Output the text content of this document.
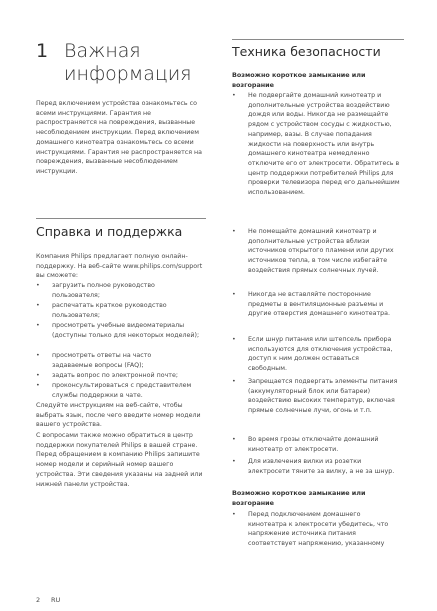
1 Важная
информация
Перед включением устройства ознакомьтесь со всеми инструкциями. Гарантия не распространяется на повреждения, вызванные несоблюдением инструкции. Перед включением домашнего кинотеатра ознакомьтесь со всеми инструкциями. Гарантия не распространяется на повреждения, вызванные несоблюдением инструкции.
Справка и поддержка
Компания Philips предлагает полную онлайн-поддержку. На веб-сайте www.philips.com/support вы сможете:
• загрузить полное руководство пользователя;
• распечатать краткое руководство пользователя;
• просмотреть учебные видеоматериалы (доступны только для некоторых моделей);
• просмотреть ответы на часто задаваемые вопросы (FAQ);
• задать вопрос по электронной почте;
• проконсультироваться с представителем службы поддержки в чате.
Следуйте инструкциям на веб-сайте, чтобы выбрать язык, после чего введите номер модели вашего устройства.
С вопросами также можно обратиться в центр поддержки покупателей Philips в вашей стране. Перед обращением в компанию Philips запишите номер модели и серийный номер вашего устройства. Эти сведения указаны на задней или нижней панели устройства.
Техника безопасности
Возможно короткое замыкание или возгорание
• Не подвергайте домашний кинотеатр и дополнительные устройства воздействию дождя или воды. Никогда не размещайте рядом с устройством сосуды с жидкостью, например, вазы. В случае попадания жидкости на поверхность или внутрь домашнего кинотеатра немедленно отключите его от электросети. Обратитесь в центр поддержки потребителей Philips для проверки телевизора перед его дальнейшим использованием.
• Не помещайте домашний кинотеатр и дополнительные устройства вблизи источников открытого пламени или других источников тепла, в том числе избегайте воздействия прямых солнечных лучей.
• Никогда не вставляйте посторонние предметы в вентиляционные разъемы и другие отверстия домашнего кинотеатра.
• Если шнур питания или штепсель прибора используются для отключения устройства, доступ к ним должен оставаться свободным.
• Запрещается подвергать элементы питания (аккумуляторный блок или батареи) воздействию высоких температур, включая прямые солнечные лучи, огонь и т.п.
• Во время грозы отключайте домашний кинотеатр от электросети.
• Для извлечения вилки из розетки электросети тяните за вилку, а не за шнур.
Возможно короткое замыкание или возгорание
• Перед подключением домашнего кинотеатра к электросети убедитесь, что напряжение источника питания соответствует напряжению, указанному
2 RU
